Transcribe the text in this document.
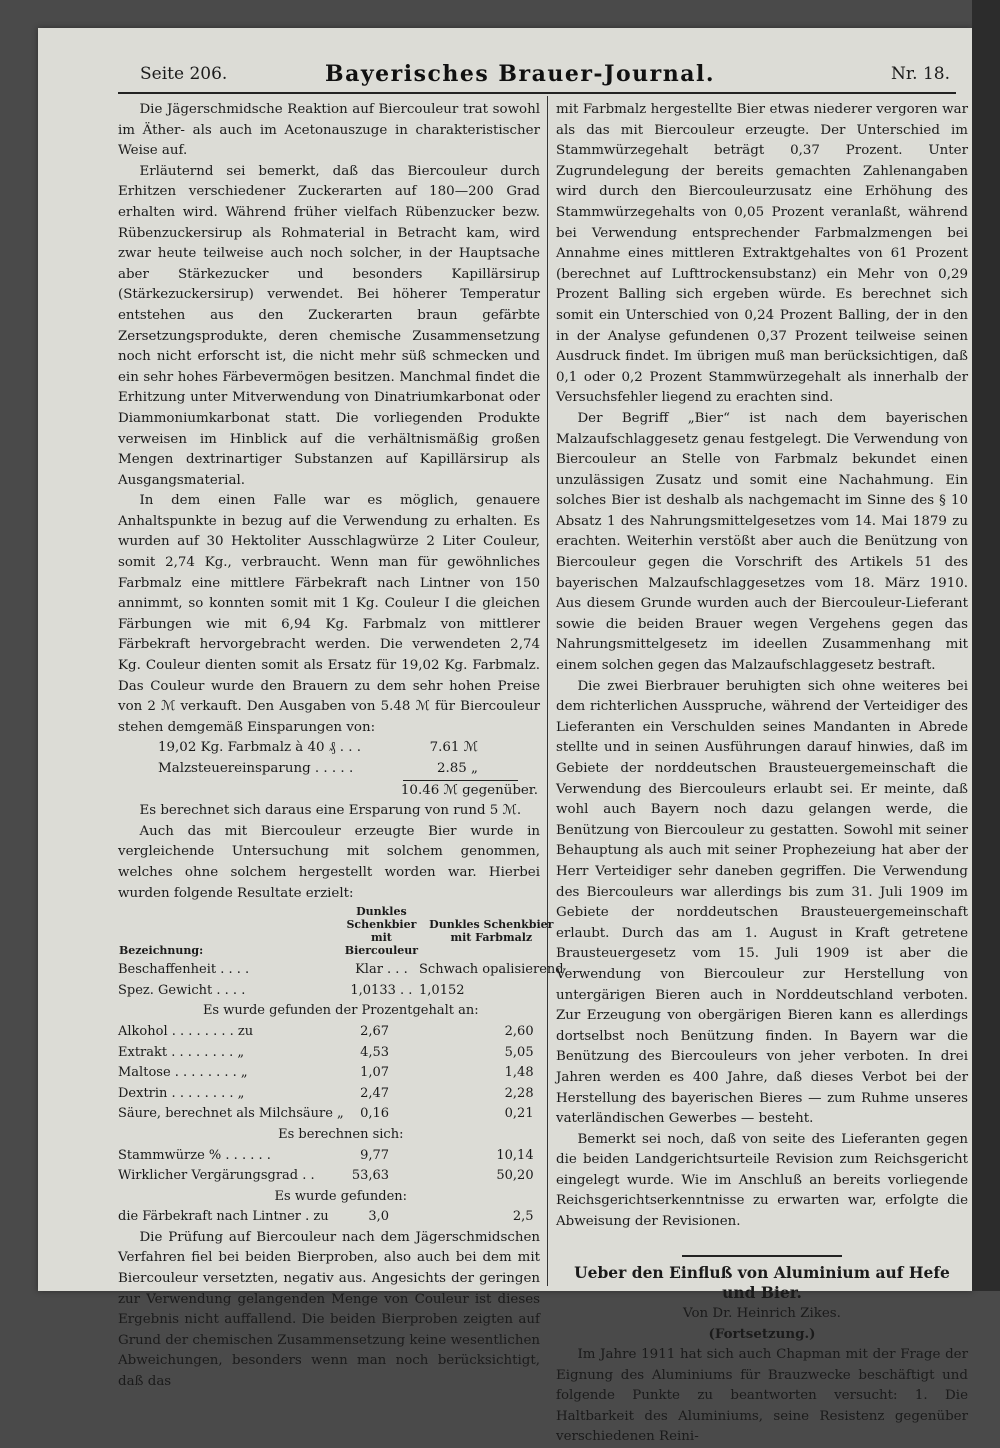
Seite 206.	Bayerisches Brauer-Journal.	Nr. 18.

Die Jägerschmidsche Reaktion auf Biercouleur trat sowohl im Äther- als auch im Acetonauszuge in charakteristischer Weise auf.

Erläuternd sei bemerkt, daß das Biercouleur durch Erhitzen verschiedener Zuckerarten auf 180—200 Grad erhalten wird. Während früher vielfach Rübenzucker bezw. Rübenzuckersirup als Rohmaterial in Betracht kam, wird zwar heute teilweise auch noch solcher, in der Hauptsache aber Stärkezucker und besonders Kapillärsirup (Stärkezuckersirup) verwendet. Bei höherer Temperatur entstehen aus den Zuckerarten braun gefärbte Zersetzungsprodukte, deren chemische Zusammensetzung noch nicht erforscht ist, die nicht mehr süß schmecken und ein sehr hohes Färbevermögen besitzen. Manchmal findet die Erhitzung unter Mitverwendung von Dinatriumkarbonat oder Diammoniumkarbonat statt. Die vorliegenden Produkte verweisen im Hinblick auf die verhältnismäßig großen Mengen dextrinartiger Substanzen auf Kapillärsirup als Ausgangsmaterial.

In dem einen Falle war es möglich, genauere Anhaltspunkte in bezug auf die Verwendung zu erhalten. Es wurden auf 30 Hektoliter Ausschlagwürze 2 Liter Couleur, somit 2,74 Kg., verbraucht. Wenn man für gewöhnliches Farbmalz eine mittlere Färbekraft nach Lintner von 150 annimmt, so konnten somit mit 1 Kg. Couleur I die gleichen Färbungen wie mit 6,94 Kg. Farbmalz von mittlerer Färbekraft hervorgebracht werden. Die verwendeten 2,74 Kg. Couleur dienten somit als Ersatz für 19,02 Kg. Farbmalz. Das Couleur wurde den Brauern zu dem sehr hohen Preise von 2 ℳ verkauft. Den Ausgaben von 5.48 ℳ für Biercouleur stehen demgemäß Einsparungen von:

19,02 Kg. Farbmalz à 40 ₰ . . .	7.61 ℳ
Malzsteuereinsparung . . . . .	2.85 „
10.46 ℳ gegenüber.

Es berechnet sich daraus eine Ersparung von rund 5 ℳ.

Auch das mit Biercouleur erzeugte Bier wurde in vergleichende Untersuchung mit solchem genommen, welches ohne solchem hergestellt worden war. Hierbei wurden folgende Resultate erzielt:

Bezeichnung:	Dunkles Schenkbier mit Biercouleur	Dunkles Schenkbier mit Farbmalz
Beschaffenheit . . . .	Klar . . .	Schwach opalisierend
Spez. Gewicht . . . .	1,0133 . .	1,0152
Es wurde gefunden der Prozentgehalt an:		
Alkohol . . . . . . . . zu	2,67	2,60
Extrakt . . . . . . . . „	4,53	5,05
Maltose . . . . . . . . „	1,07	1,48
Dextrin . . . . . . . . „	2,47	2,28
Säure, berechnet als Milchsäure „	0,16	0,21
Es berechnen sich:		
Stammwürze % . . . . . .	9,77	10,14
Wirklicher Vergärungsgrad . .	53,63	50,20
Es wurde gefunden:		
die Färbekraft nach Lintner . zu	3,0	2,5

Die Prüfung auf Biercouleur nach dem Jägerschmidschen Verfahren fiel bei beiden Bierproben, also auch bei dem mit Biercouleur versetzten, negativ aus. Angesichts der geringen zur Verwendung gelangenden Menge von Couleur ist dieses Ergebnis nicht auffallend. Die beiden Bierproben zeigten auf Grund der chemischen Zusammensetzung keine wesentlichen Abweichungen, besonders wenn man noch berücksichtigt, daß das

mit Farbmalz hergestellte Bier etwas niederer vergoren war als das mit Biercouleur erzeugte. Der Unterschied im Stammwürzegehalt beträgt 0,37 Prozent. Unter Zugrundelegung der bereits gemachten Zahlenangaben wird durch den Biercouleurzusatz eine Erhöhung des Stammwürzegehalts von 0,05 Prozent veranlaßt, während bei Verwendung entsprechender Farbmalzmengen bei Annahme eines mittleren Extraktgehaltes von 61 Prozent (berechnet auf Lufttrockensubstanz) ein Mehr von 0,29 Prozent Balling sich ergeben würde. Es berechnet sich somit ein Unterschied von 0,24 Prozent Balling, der in den in der Analyse gefundenen 0,37 Prozent teilweise seinen Ausdruck findet. Im übrigen muß man berücksichtigen, daß 0,1 oder 0,2 Prozent Stammwürzegehalt als innerhalb der Versuchsfehler liegend zu erachten sind.

Der Begriff „Bier“ ist nach dem bayerischen Malzaufschlaggesetz genau festgelegt. Die Verwendung von Biercouleur an Stelle von Farbmalz bekundet einen unzulässigen Zusatz und somit eine Nachahmung. Ein solches Bier ist deshalb als nachgemacht im Sinne des § 10 Absatz 1 des Nahrungsmittelgesetzes vom 14. Mai 1879 zu erachten. Weiterhin verstößt aber auch die Benützung von Biercouleur gegen die Vorschrift des Artikels 51 des bayerischen Malzaufschlaggesetzes vom 18. März 1910. Aus diesem Grunde wurden auch der Biercouleur-Lieferant sowie die beiden Brauer wegen Vergehens gegen das Nahrungsmittelgesetz im ideellen Zusammenhang mit einem solchen gegen das Malzaufschlaggesetz bestraft.

Die zwei Bierbrauer beruhigten sich ohne weiteres bei dem richterlichen Ausspruche, während der Verteidiger des Lieferanten ein Verschulden seines Mandanten in Abrede stellte und in seinen Ausführungen darauf hinwies, daß im Gebiete der norddeutschen Brausteuergemeinschaft die Verwendung des Biercouleurs erlaubt sei. Er meinte, daß wohl auch Bayern noch dazu gelangen werde, die Benützung von Biercouleur zu gestatten. Sowohl mit seiner Behauptung als auch mit seiner Prophezeiung hat aber der Herr Verteidiger sehr daneben gegriffen. Die Verwendung des Biercouleurs war allerdings bis zum 31. Juli 1909 im Gebiete der norddeutschen Brausteuergemeinschaft erlaubt. Durch das am 1. August in Kraft getretene Brausteuergesetz vom 15. Juli 1909 ist aber die Verwendung von Biercouleur zur Herstellung von untergärigen Bieren auch in Norddeutschland verboten. Zur Erzeugung von obergärigen Bieren kann es allerdings dortselbst noch Benützung finden. In Bayern war die Benützung des Biercouleurs von jeher verboten. In drei Jahren werden es 400 Jahre, daß dieses Verbot bei der Herstellung des bayerischen Bieres — zum Ruhme unseres vaterländischen Gewerbes — besteht.

Bemerkt sei noch, daß von seite des Lieferanten gegen die beiden Landgerichtsurteile Revision zum Reichsgericht eingelegt wurde. Wie im Anschluß an bereits vorliegende Reichsgerichtserkenntnisse zu erwarten war, erfolgte die Abweisung der Revisionen.

Ueber den Einfluß von Aluminium auf Hefe und Bier.

Von Dr. Heinrich Zikes.

(Fortsetzung.)

Im Jahre 1911 hat sich auch Chapman mit der Frage der Eignung des Aluminiums für Brauzwecke beschäftigt und folgende Punkte zu beantworten versucht: 1. Die Haltbarkeit des Aluminiums, seine Resistenz gegenüber verschiedenen Reini-
